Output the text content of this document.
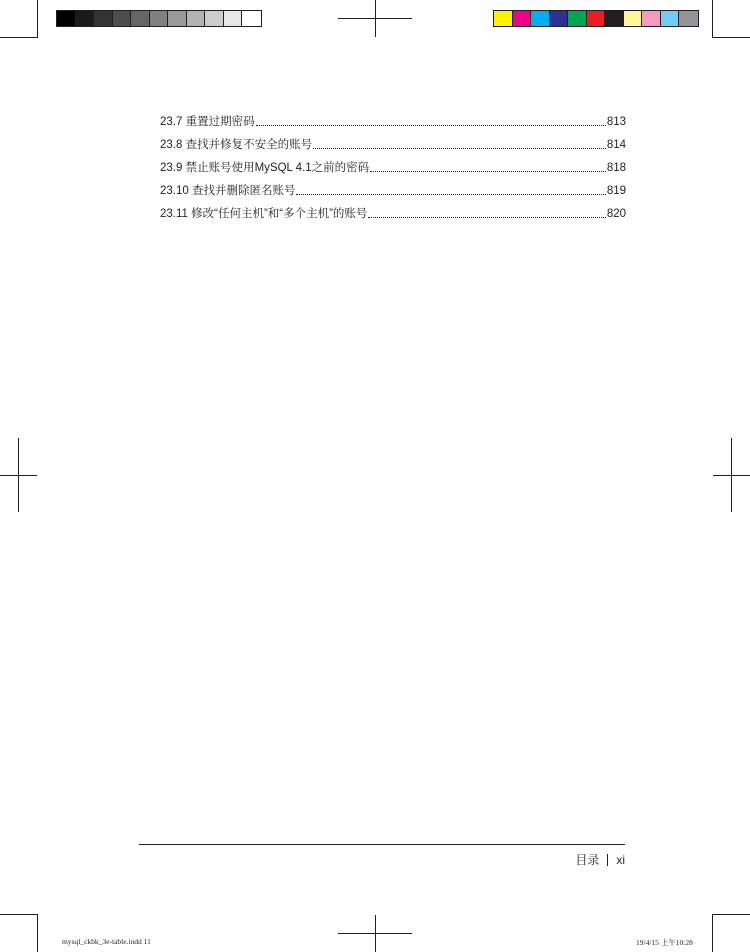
23.7 重置过期密码	813
23.8 查找并修复不安全的账号	814
23.9 禁止账号使用MySQL 4.1之前的密码	818
23.10 查找并删除匿名账号	819
23.11 修改“任何主机”和“多个主机”的账号	820
目录 xi
mysql_ckbk_3e-table.indd 11	19/4/15 上午10:28
